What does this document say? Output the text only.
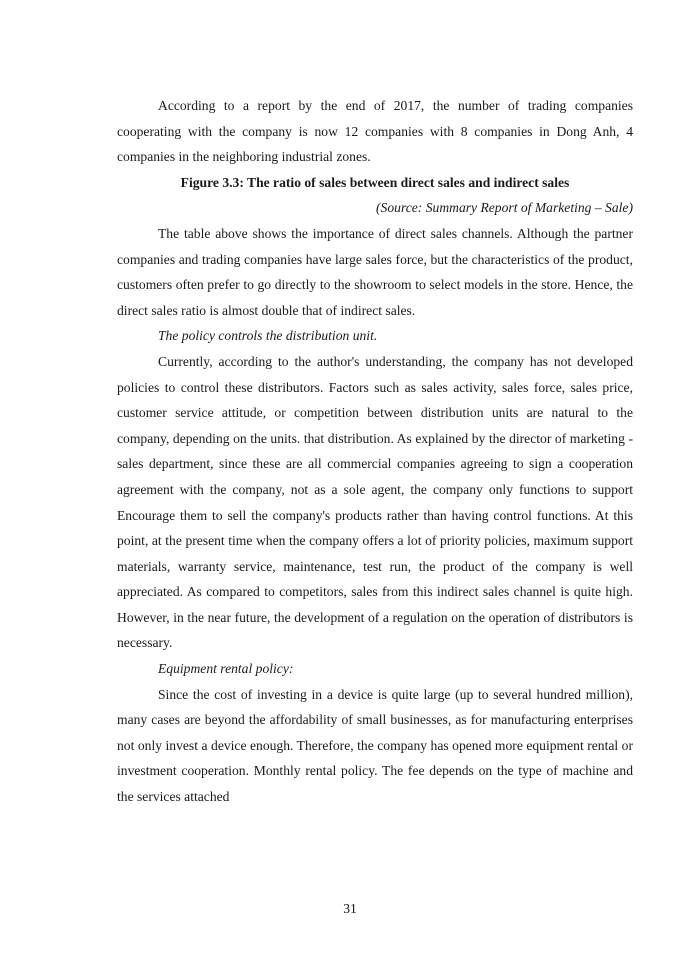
According to a report by the end of 2017, the number of trading companies cooperating with the company is now 12 companies with 8 companies in Dong Anh, 4 companies in the neighboring industrial zones.

Figure 3.3: The ratio of sales between direct sales and indirect sales

(Source: Summary Report of Marketing – Sale)

The table above shows the importance of direct sales channels. Although the partner companies and trading companies have large sales force, but the characteristics of the product, customers often prefer to go directly to the showroom to select models in the store. Hence, the direct sales ratio is almost double that of indirect sales.

The policy controls the distribution unit.

Currently, according to the author's understanding, the company has not developed policies to control these distributors. Factors such as sales activity, sales force, sales price, customer service attitude, or competition between distribution units are natural to the company, depending on the units. that distribution. As explained by the director of marketing - sales department, since these are all commercial companies agreeing to sign a cooperation agreement with the company, not as a sole agent, the company only functions to support Encourage them to sell the company's products rather than having control functions. At this point, at the present time when the company offers a lot of priority policies, maximum support materials, warranty service, maintenance, test run, the product of the company is well appreciated. As compared to competitors, sales from this indirect sales channel is quite high. However, in the near future, the development of a regulation on the operation of distributors is necessary.

Equipment rental policy:

Since the cost of investing in a device is quite large (up to several hundred million), many cases are beyond the affordability of small businesses, as for manufacturing enterprises not only invest a device enough. Therefore, the company has opened more equipment rental or investment cooperation. Monthly rental policy. The fee depends on the type of machine and the services attached

31
